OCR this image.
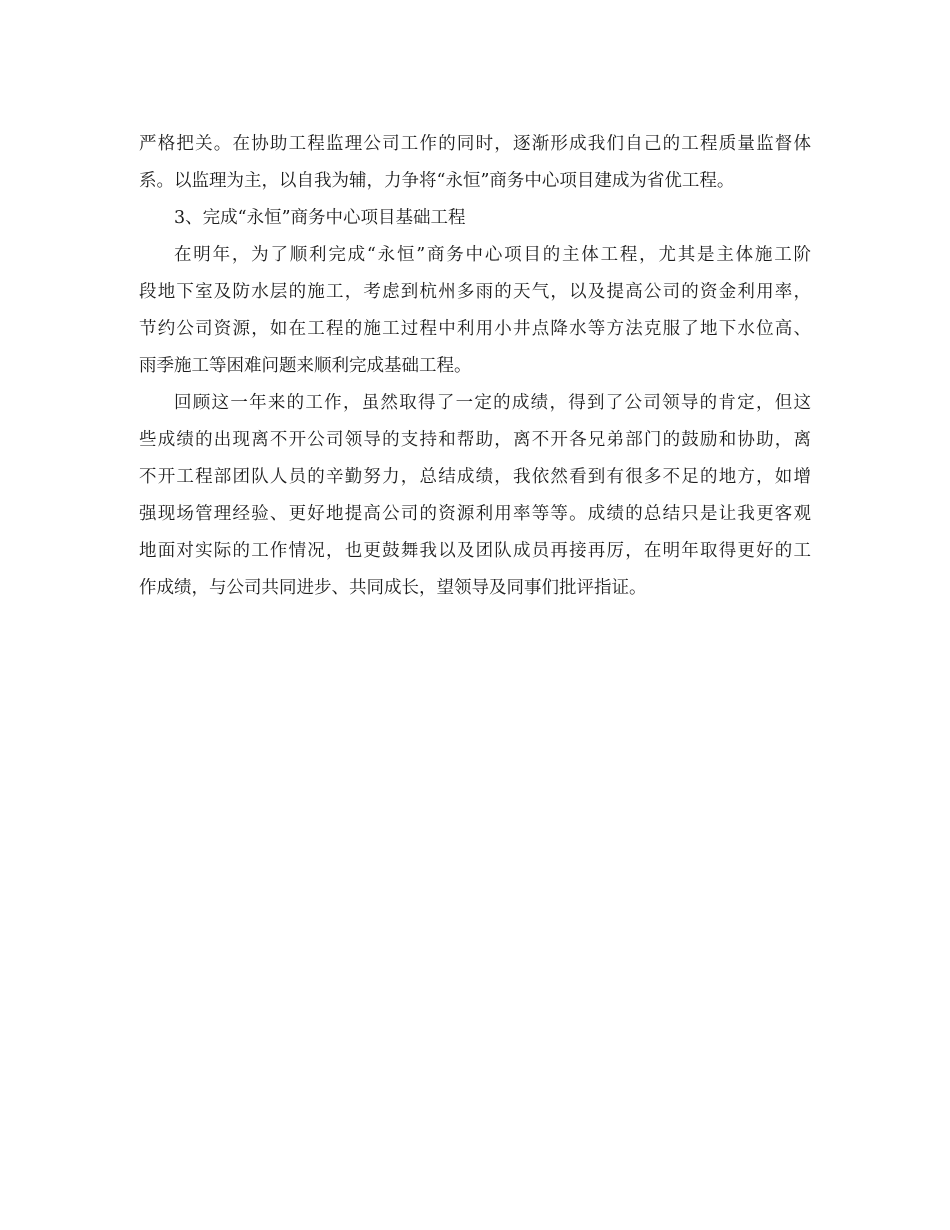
严格把关。在协助工程监理公司工作的同时，逐渐形成我们自己的工程质量监督体
系。以监理为主，以自我为辅，力争将“永恒”商务中心项目建成为省优工程。
3、完成“永恒”商务中心项目基础工程
在明年，为了顺利完成“永恒”商务中心项目的主体工程，尤其是主体施工阶
段地下室及防水层的施工，考虑到杭州多雨的天气，以及提高公司的资金利用率，
节约公司资源，如在工程的施工过程中利用小井点降水等方法克服了地下水位高、
雨季施工等困难问题来顺利完成基础工程。
回顾这一年来的工作，虽然取得了一定的成绩，得到了公司领导的肯定，但这
些成绩的出现离不开公司领导的支持和帮助，离不开各兄弟部门的鼓励和协助，离
不开工程部团队人员的辛勤努力，总结成绩，我依然看到有很多不足的地方，如增
强现场管理经验、更好地提高公司的资源利用率等等。成绩的总结只是让我更客观
地面对实际的工作情况，也更鼓舞我以及团队成员再接再厉，在明年取得更好的工
作成绩，与公司共同进步、共同成长，望领导及同事们批评指证。
